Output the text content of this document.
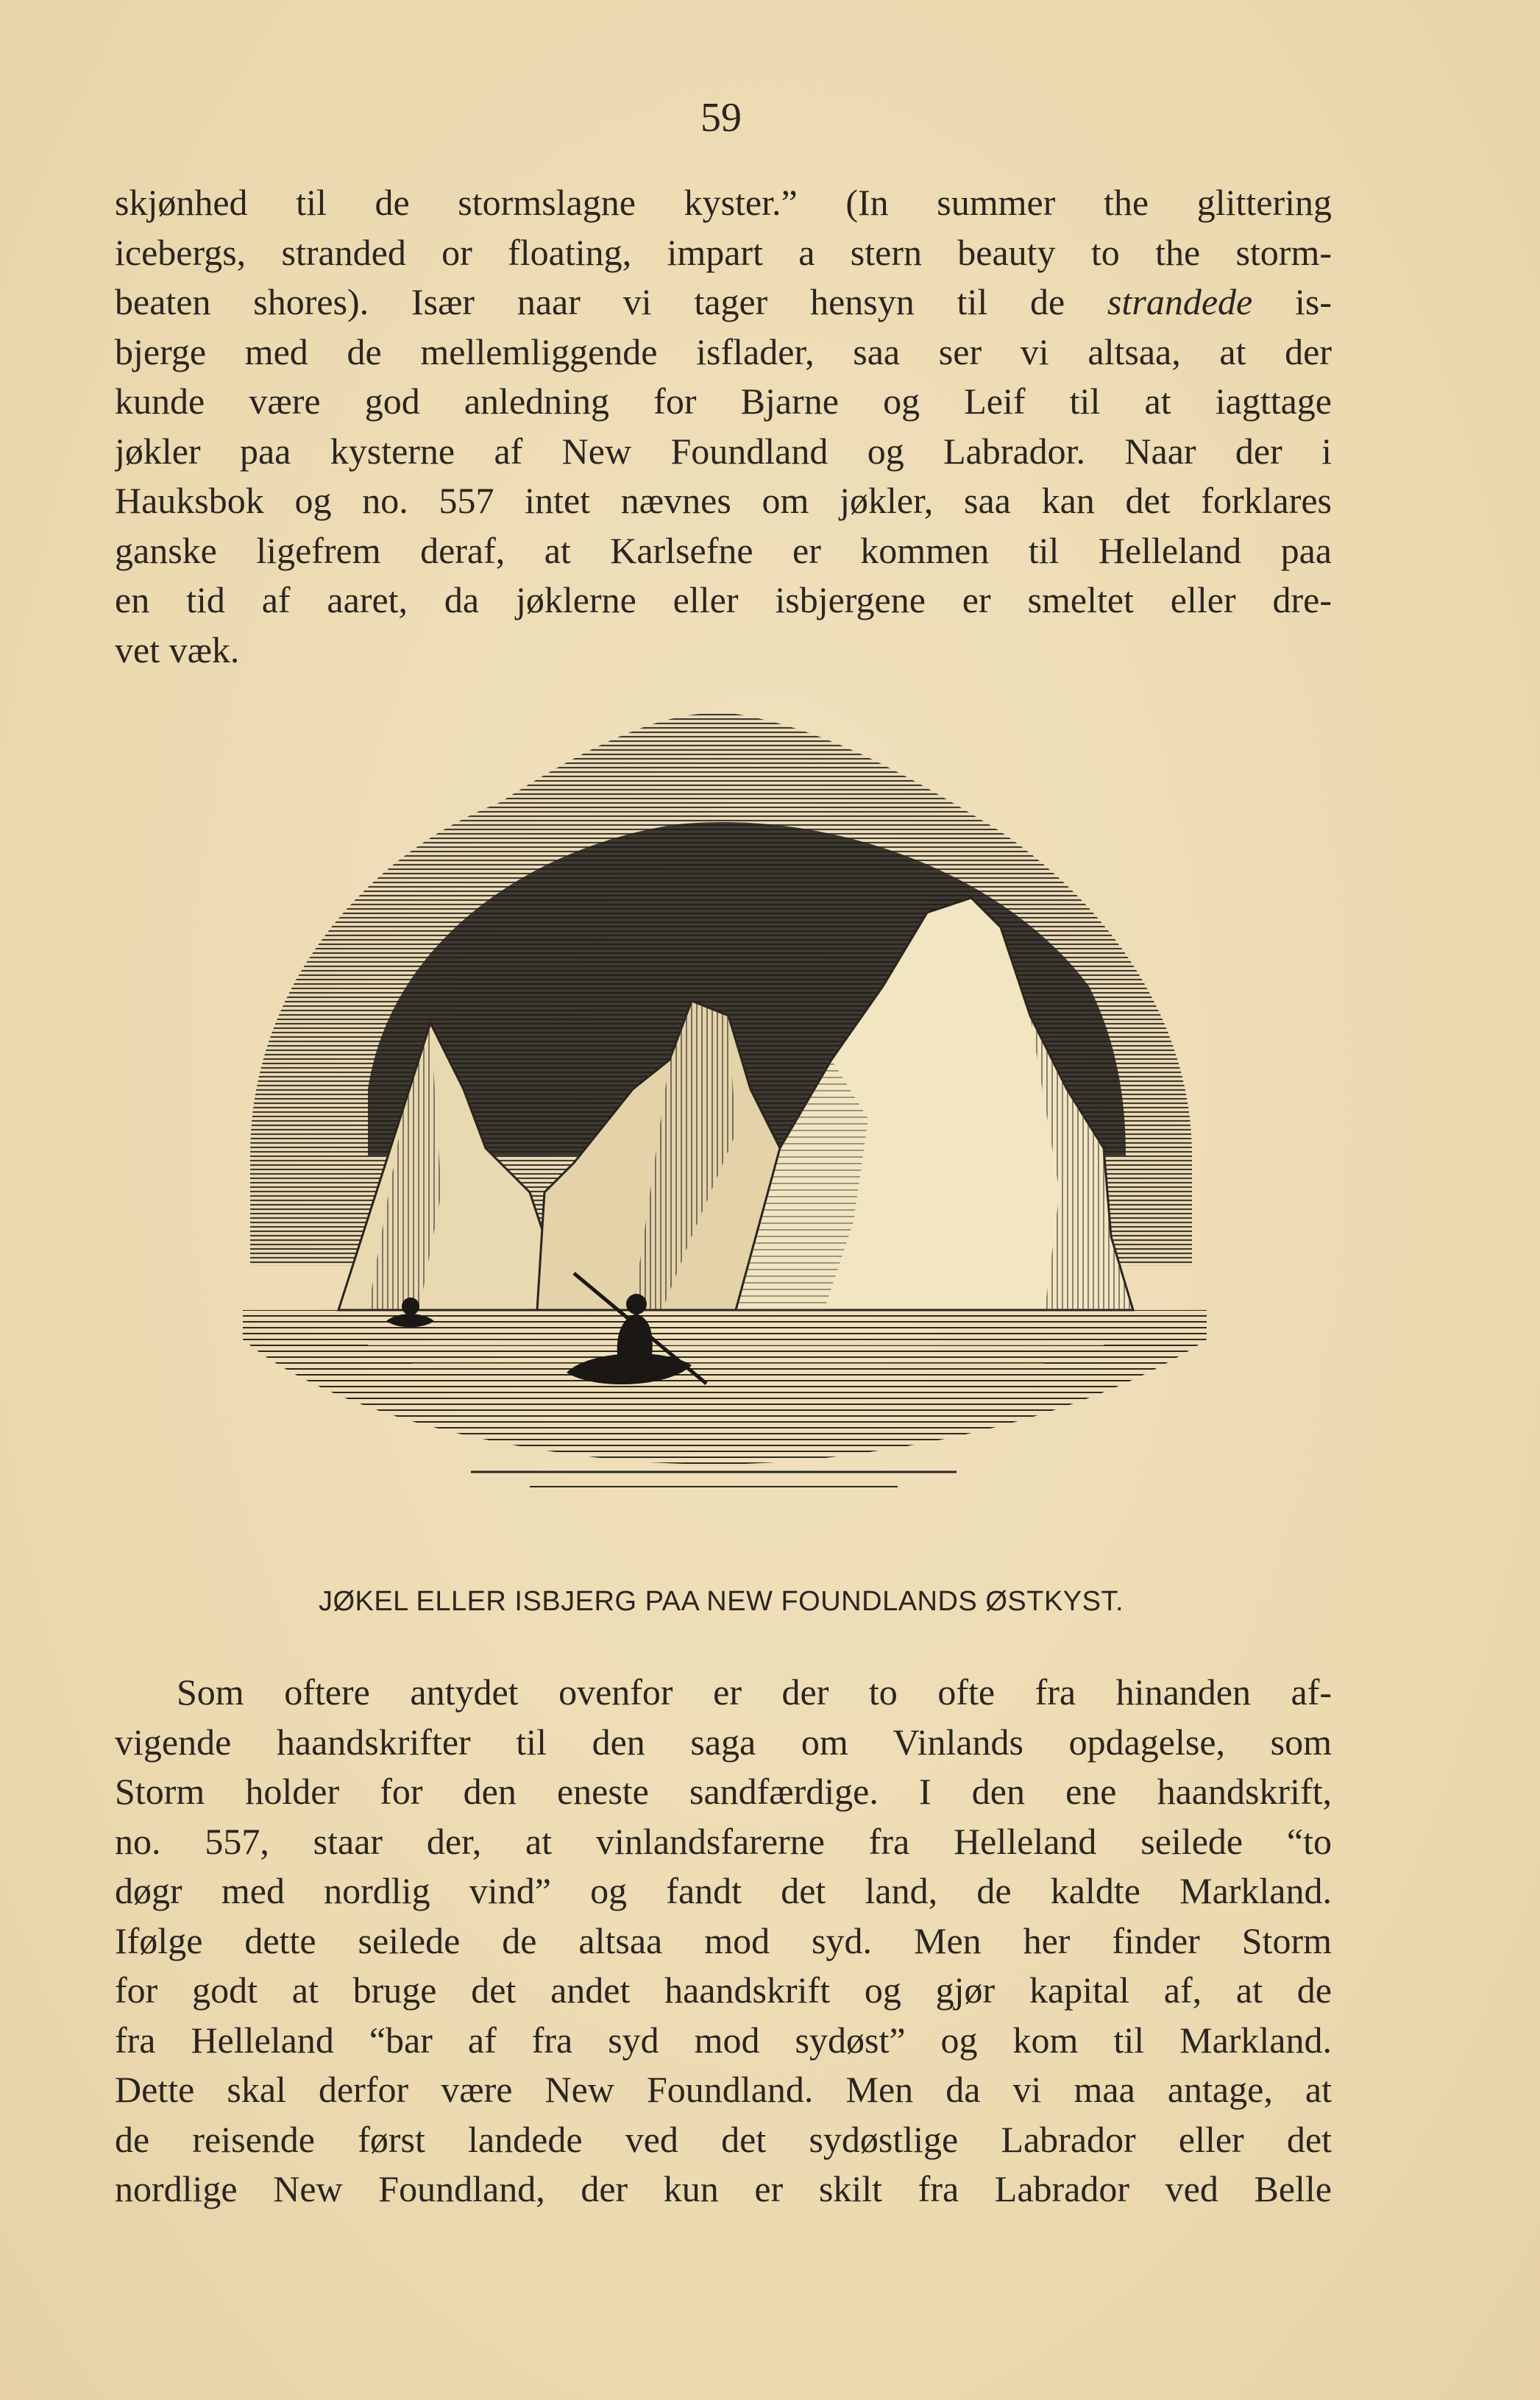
59
skjønhed til de stormslagne kyster.” (In summer the glittering
icebergs, stranded or floating, impart a stern beauty to the storm-
beaten shores). Især naar vi tager hensyn til de strandede is-
bjerge med de mellemliggende isflader, saa ser vi altsaa, at der
kunde være god anledning for Bjarne og Leif til at iagttage
jøkler paa kysterne af New Foundland og Labrador. Naar der i
Hauksbok og no. 557 intet nævnes om jøkler, saa kan det forklares
ganske ligefrem deraf, at Karlsefne er kommen til Helleland paa
en tid af aaret, da jøklerne eller isbjergene er smeltet eller dre-
vet væk.
JØKEL ELLER ISBJERG PAA NEW FOUNDLANDS ØSTKYST.
Som oftere antydet ovenfor er der to ofte fra hinanden af-
vigende haandskrifter til den saga om Vinlands opdagelse, som
Storm holder for den eneste sandfærdige. I den ene haandskrift,
no. 557, staar der, at vinlandsfarerne fra Helleland seilede “to
døgr med nordlig vind” og fandt det land, de kaldte Markland.
Ifølge dette seilede de altsaa mod syd. Men her finder Storm
for godt at bruge det andet haandskrift og gjør kapital af, at de
fra Helleland “bar af fra syd mod sydøst” og kom til Markland.
Dette skal derfor være New Foundland. Men da vi maa antage, at
de reisende først landede ved det sydøstlige Labrador eller det
nordlige New Foundland, der kun er skilt fra Labrador ved Belle
